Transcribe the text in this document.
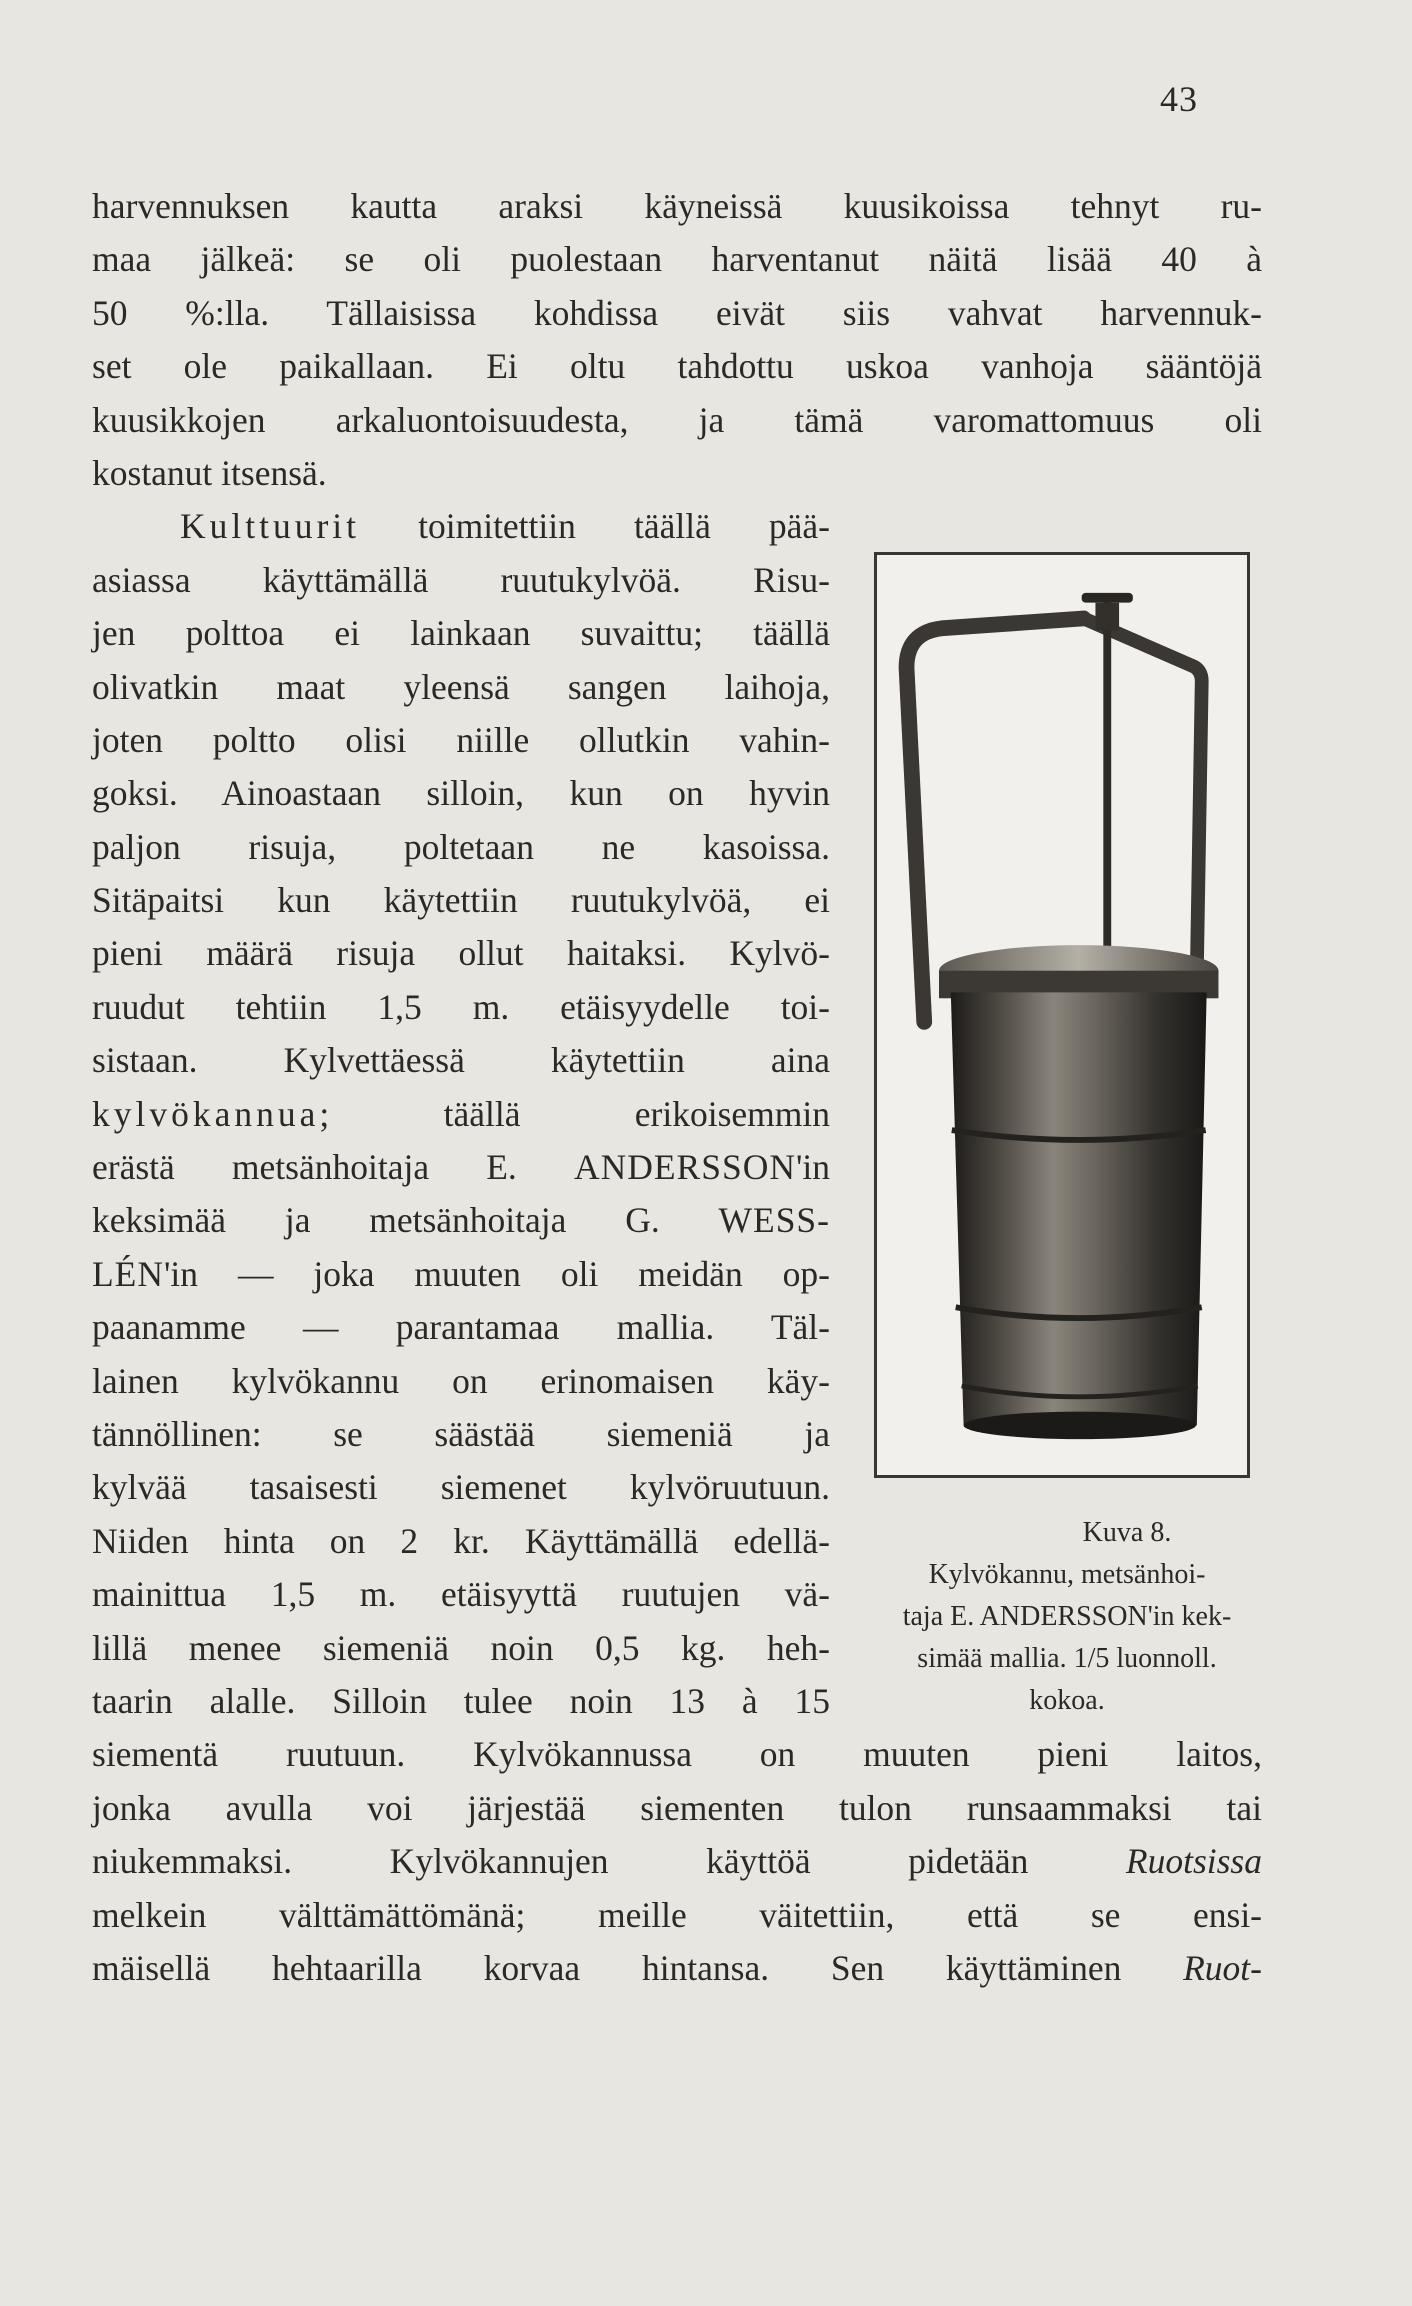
43
harvennuksen kautta araksi käyneissä kuusikoissa tehnyt ru-
maa jälkeä: se oli puolestaan harventanut näitä lisää 40 à
50 %:lla. Tällaisissa kohdissa eivät siis vahvat harvennuk-
set ole paikallaan. Ei oltu tahdottu uskoa vanhoja sääntöjä
kuusikkojen arkaluontoisuudesta, ja tämä varomattomuus oli
kostanut itsensä.
Kulttuurit toimitettiin täällä pää-
asiassa käyttämällä ruutukylvöä. Risu-
jen polttoa ei lainkaan suvaittu; täällä
olivatkin maat yleensä sangen laihoja,
joten poltto olisi niille ollutkin vahin-
goksi. Ainoastaan silloin, kun on hyvin
paljon risuja, poltetaan ne kasoissa.
Sitäpaitsi kun käytettiin ruutukylvöä, ei
pieni määrä risuja ollut haitaksi. Kylvö-
ruudut tehtiin 1,5 m. etäisyydelle toi-
sistaan. Kylvettäessä käytettiin aina
kylvökannua; täällä erikoisemmin
erästä metsänhoitaja E. ANDERSSON'in
keksimää ja metsänhoitaja G. WESS-
LÉN'in — joka muuten oli meidän op-
paanamme — parantamaa mallia. Täl-
lainen kylvökannu on erinomaisen käy-
tännöllinen: se säästää siemeniä ja
kylvää tasaisesti siemenet kylvöruutuun.
Niiden hinta on 2 kr. Käyttämällä edellä-
mainittua 1,5 m. etäisyyttä ruutujen vä-
lillä menee siemeniä noin 0,5 kg. heh-
taarin alalle. Silloin tulee noin 13 à 15
siementä ruutuun. Kylvökannussa on muuten pieni laitos,
jonka avulla voi järjestää siementen tulon runsaammaksi tai
niukemmaksi. Kylvökannujen käyttöä pidetään Ruotsissa
melkein välttämättömänä; meille väitettiin, että se ensi-
mäisellä hehtaarilla korvaa hintansa. Sen käyttäminen Ruot-
Kuva 8.
Kylvökannu, metsänhoi-
taja E. ANDERSSON'in kek-
simää mallia. 1/5 luonnoll.
kokoa.
